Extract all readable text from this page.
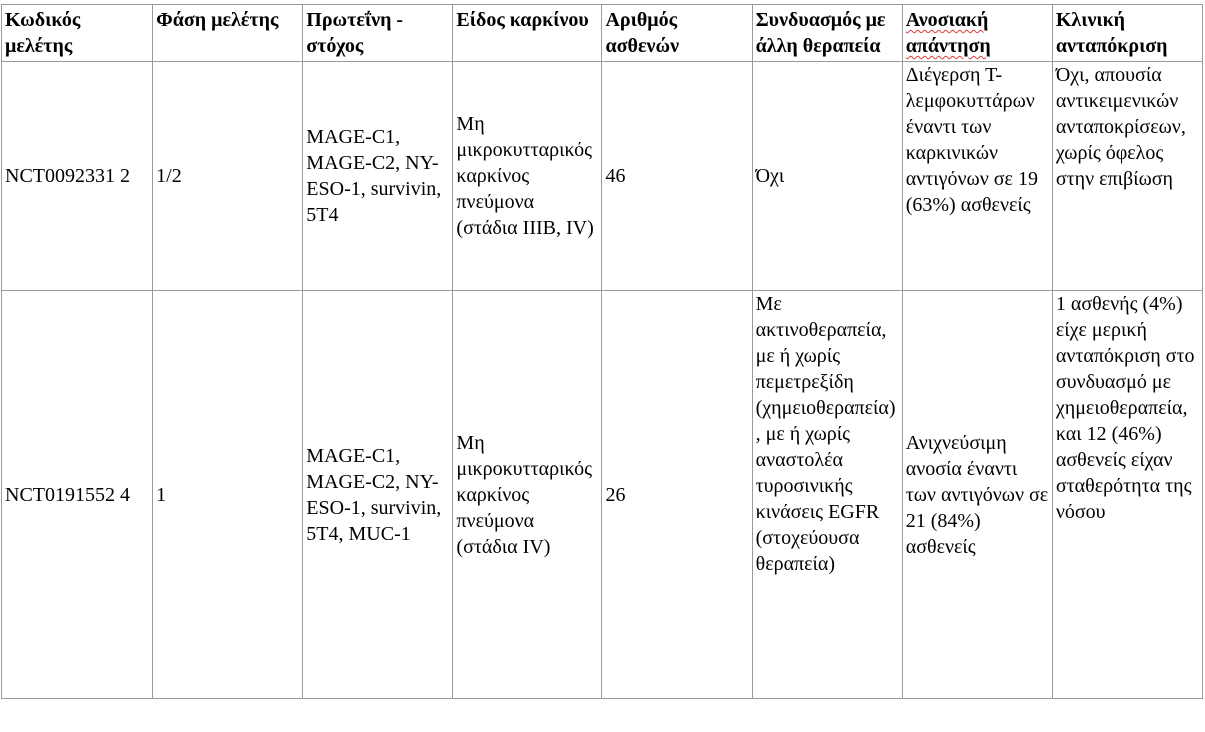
Κωδικός μελέτης	Φάση μελέτης	Πρωτεΐνη - στόχος	Είδος καρκίνου	Αριθμός ασθενών	Συνδυασμός με άλλη θεραπεία	Ανοσιακή απάντηση	Κλινική ανταπόκριση
NCT0092331 2	1/2	MAGE-C1, MAGE-C2, NY-ESO-1, survivin, 5T4	Μη μικροκυτταρικός καρκίνος πνεύμονα (στάδια IIIB, IV)	46	Όχι	Διέγερση Τ-λεμφοκυττάρων έναντι των καρκινικών αντιγόνων σε 19 (63%) ασθενείς	Όχι, απουσία αντικειμενικών ανταποκρίσεων, χωρίς όφελος στην επιβίωση
NCT0191552 4	1	MAGE-C1, MAGE-C2, NY-ESO-1, survivin, 5T4, MUC-1	Μη μικροκυτταρικός καρκίνος πνεύμονα (στάδια IV)	26	Με ακτινοθεραπεία, με ή χωρίς πεμετρεξίδη (χημειοθεραπεία), με ή χωρίς αναστολέα τυροσινικής κινάσεις EGFR (στοχεύουσα θεραπεία)	Ανιχνεύσιμη ανοσία έναντι των αντιγόνων σε 21 (84%) ασθενείς	1 ασθενής (4%) είχε μερική ανταπόκριση στο συνδυασμό με χημειοθεραπεία, και 12 (46%) ασθενείς είχαν σταθερότητα της νόσου
